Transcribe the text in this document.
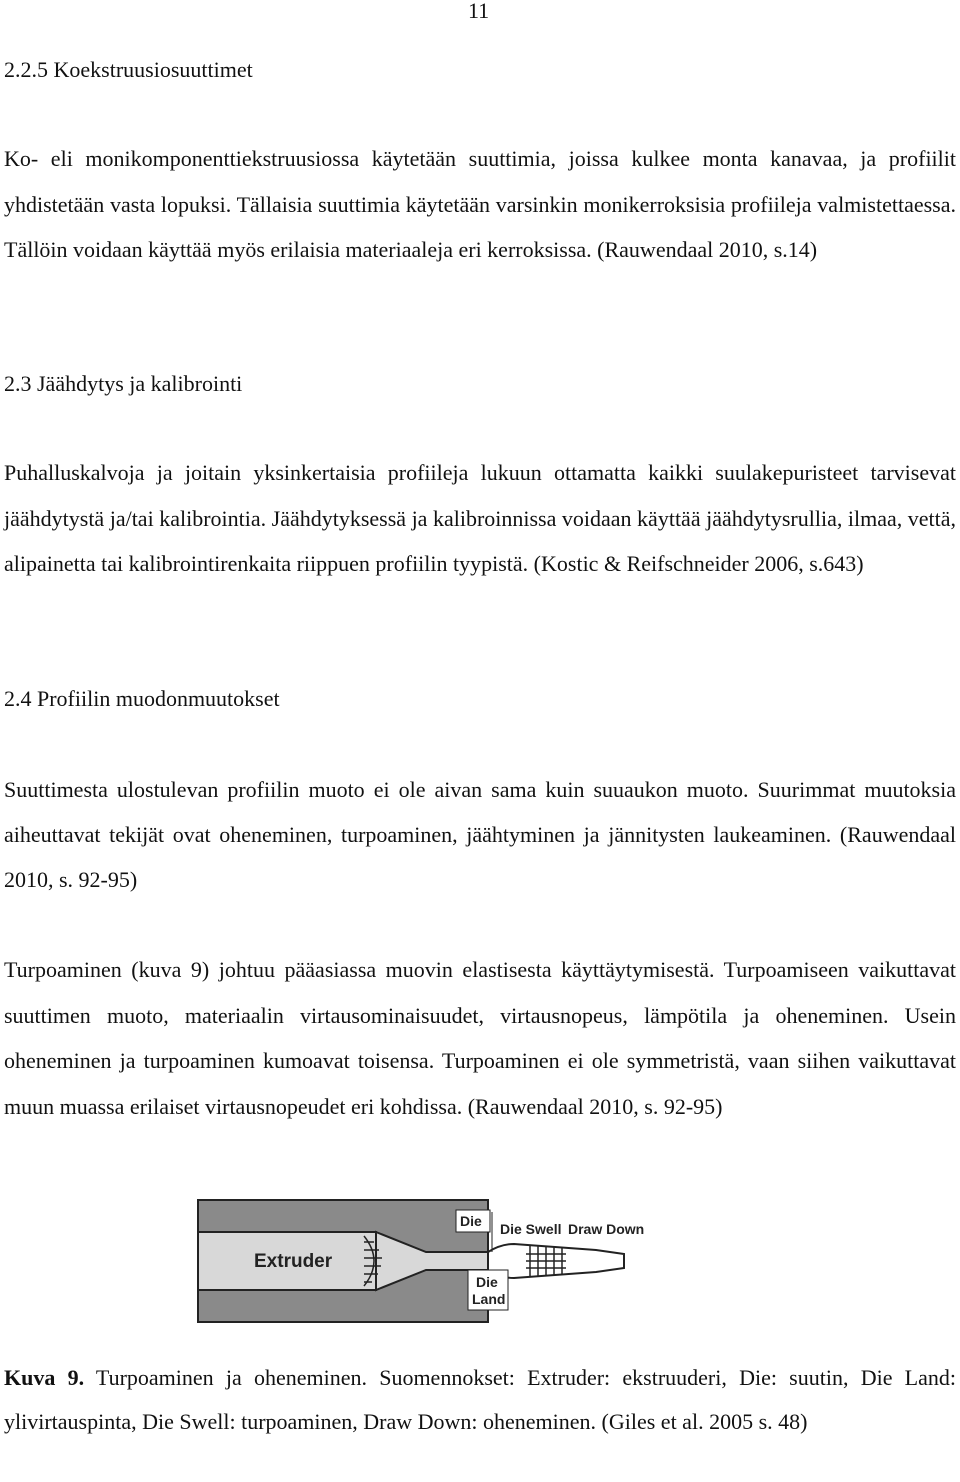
11
2.2.5 Koekstruusiosuuttimet

Ko- eli monikomponenttiekstruusiossa käytetään suuttimia, joissa kulkee monta kanavaa, ja profiilit yhdistetään vasta lopuksi. Tällaisia suuttimia käytetään varsinkin monikerroksisia profiileja valmistettaessa. Tällöin voidaan käyttää myös erilaisia materiaaleja eri kerroksissa. (Rauwendaal 2010, s.14)

2.3 Jäähdytys ja kalibrointi

Puhalluskalvoja ja joitain yksinkertaisia profiileja lukuun ottamatta kaikki suulakepuristeet tarvisevat jäähdytystä ja/tai kalibrointia. Jäähdytyksessä ja kalibroinnissa voidaan käyttää jäähdytysrullia, ilmaa, vettä, alipainetta tai kalibrointirenkaita riippuen profiilin tyypistä. (Kostic & Reifschneider 2006, s.643)

2.4 Profiilin muodonmuutokset

Suuttimesta ulostulevan profiilin muoto ei ole aivan sama kuin suuaukon muoto. Suurimmat muutoksia aiheuttavat tekijät ovat oheneminen, turpoaminen, jäähtyminen ja jännitysten laukeaminen. (Rauwendaal 2010, s. 92-95)

Turpoaminen (kuva 9) johtuu pääasiassa muovin elastisesta käyttäytymisestä. Turpoamiseen vaikuttavat suuttimen muoto, materiaalin virtausominaisuudet, virtausnopeus, lämpötila ja oheneminen. Usein oheneminen ja turpoaminen kumoavat toisensa. Turpoaminen ei ole symmetristä, vaan siihen vaikuttavat muun muassa erilaiset virtausnopeudet eri kohdissa. (Rauwendaal 2010, s. 92-95)

Extruder
Die Die Swell Draw Down
Die
Land

Kuva 9. Turpoaminen ja oheneminen. Suomennokset: Extruder: ekstruuderi, Die: suutin, Die Land: ylivirtauspinta, Die Swell: turpoaminen, Draw Down: oheneminen. (Giles et al. 2005 s. 48)
